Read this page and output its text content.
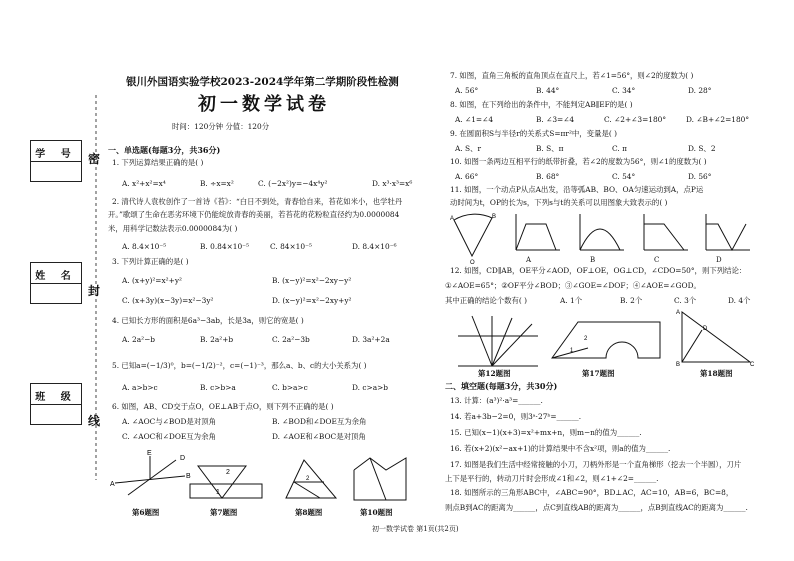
学 号
姓 名
班 级
密
封
线
银川外国语实验学校2023-2024学年第二学期阶段性检测
初一数学试卷
时间：120分钟 分值：120分
一、单选题(每题3分，共36分)
1. 下列运算结果正确的是( )
A. x²+x²=x⁴	B. ÷x=x²	C. (−2x²)y=−4x⁴y²	D. x³·x³=x⁶
2. 清代诗人袁枚创作了一首诗《苔》：“白日不到处，青春恰自来，苔花如米小，也学牡丹
开。”歌颂了生命在恶劣环境下仍能绽放青春的美丽，若苔花的花粉粒直径约为0.0000084
米，用科学记数法表示0.0000084为( )
A. 8.4×10⁻⁵	B. 0.84×10⁻⁵	C. 84×10⁻⁵	D. 8.4×10⁻⁶
3. 下列计算正确的是( )
A. (x+y)²=x²+y²	B. (x−y)²=x²−2xy−y²
C. (x+3y)(x−3y)=x²−3y²	D. (x−y)²=x²−2xy+y²
4. 已知长方形的面积是6a³−3ab，长是3a，则它的宽是( )
A. 2a²−b	B. 2a²+b	C. 2a²−3b	D. 3a²+2a
5. 已知a=(−1/3)⁰，b=(−1/2)⁻²，c=(−1)⁻³，那么a、b、c的大小关系为( )
A. a>b>c	B. c>b>a	C. b>a>c	D. c>a>b
6. 如图，AB、CD交于点O，OE⊥AB于点O，则下列不正确的是( )
A. ∠AOC与∠BOD是对顶角	B. ∠BOD和∠DOE互为余角
C. ∠AOC和∠DOE互为余角	D. ∠AOE和∠BOC是对顶角
A
D
E
B
1
2
2
第6题图	第7题图	第8题图	第10题图
7. 如图，直角三角板的直角顶点在直尺上，若∠1=56°，则∠2的度数为( )
A. 56°	B. 44°	C. 34°	D. 28°
8. 如图，在下列给出的条件中，不能判定AB∥EF的是( )
A. ∠1=∠4	B. ∠3=∠4	C. ∠2+∠3=180°	D. ∠B+∠2=180°
9. 在圆面积S与半径r的关系式S=πr²中，变量是( )
A. S、r	B. S、π	C. π	D. S、2
10. 如图一条两边互相平行的纸带折叠，若∠2的度数为56°，则∠1的度数为( )
A. 66°	B. 68°	C. 54°	D. 56°
11. 如图，一个动点P从点A出发，沿等弧AB、BO、OA匀速运动到A，点P运
动时间为t，OP的长为s，下列s与t的关系可以用图象大致表示的( )
A	B
O	A	B	C	D
12. 如图，CD∥AB，OE平分∠AOD，OF⊥OE，OG⊥CD，∠CDO=50°，则下列结论：
①∠AOE=65°；②OF平分∠BOD；③∠GOE=∠DOF；④∠AOE=∠GOD。
其中正确的结论个数有( )	A. 1个	B. 2个	C. 3个	D. 4个
1
2
A
B	C
D
第12题图	第17题图	第18题图
二、填空题(每题3分，共30分)
13. 计算：(a³)²·a³=______.
14. 若a+3b−2=0，则3ᵃ·27ᵇ=______.
15. 已知(x−1)(x+3)=x²+mx+n，则m−n的值为______.
16. 若(x+2)(x²−ax+1)的计算结果中不含x²项，则a的值为______.
17. 如图是我们生活中经常接触的小刀，刀柄外形是一个直角梯形（挖去一个半圆），刀片
上下是平行的，转动刀片时会形成∠1和∠2，则∠1+∠2=______.
18. 如图所示的三角形ABC中，∠ABC=90°，BD⊥AC，AC=10，AB=6，BC=8，
则点B到AC的距离为______，点C到直线AB的距离为______，点B到直线AC的距离为______.
初一数学试卷 第1页(共2页)
